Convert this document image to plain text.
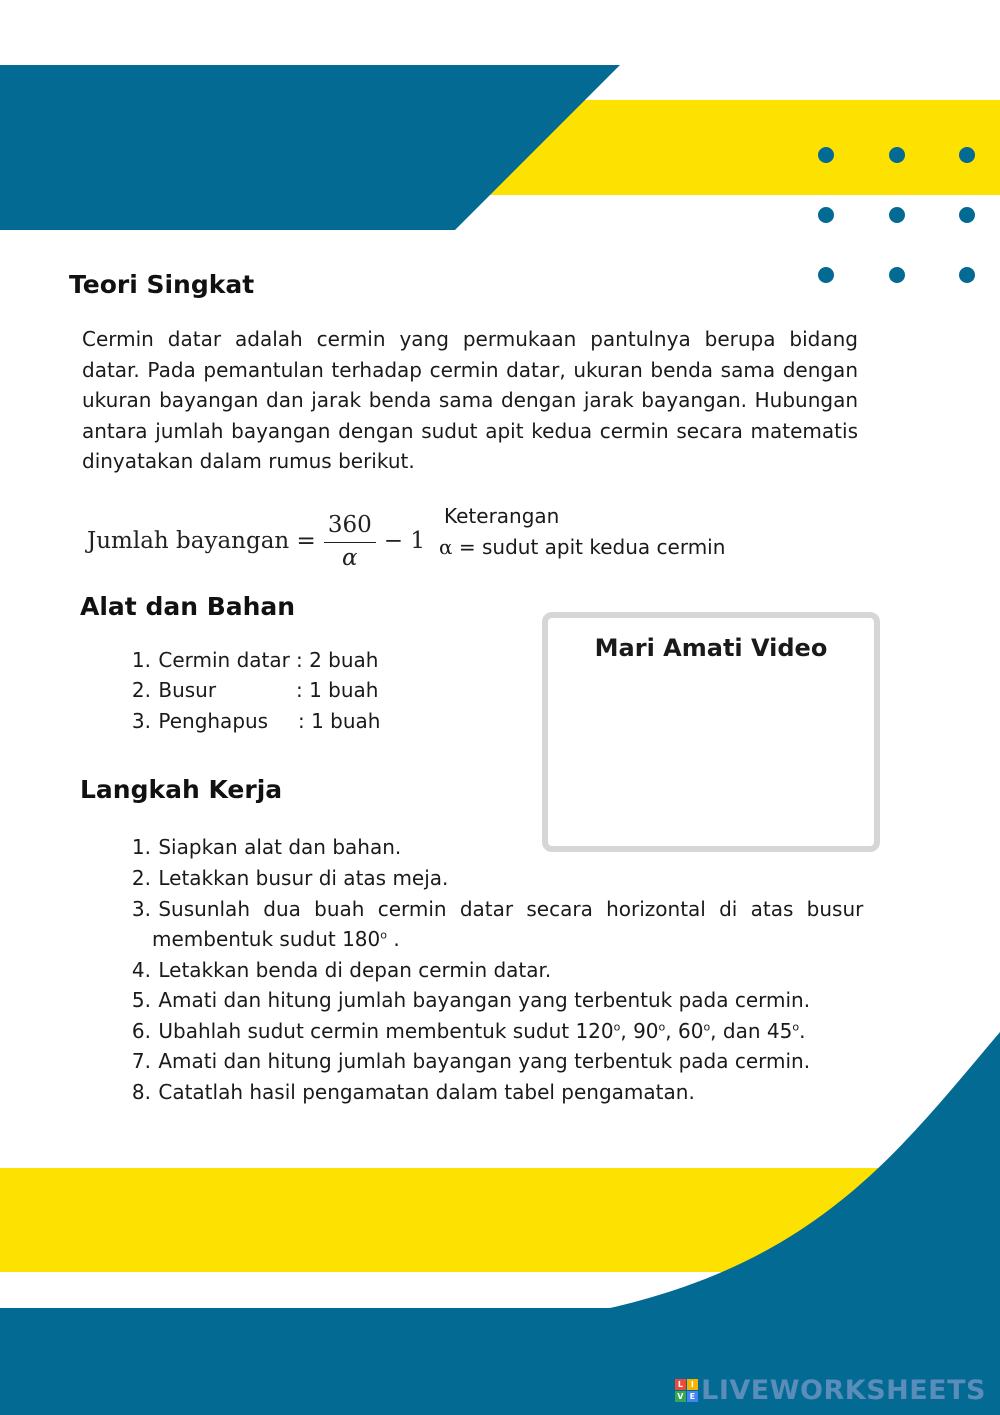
Teori Singkat
Cermin datar adalah cermin yang permukaan pantulnya berupa bidang datar. Pada pemantulan terhadap cermin datar, ukuran benda sama dengan ukuran bayangan dan jarak benda sama dengan jarak bayangan. Hubungan antara jumlah bayangan dengan sudut apit kedua cermin secara matematis dinyatakan dalam rumus berikut.
Jumlah bayangan = $\frac{360}{\alpha} - 1$
Keterangan
α = sudut apit kedua cermin
Alat dan Bahan
1. Cermin datar : 2 buah
2. Busur	: 1 buah
3. Penghapus : 1 buah
Mari Amati Video
Langkah Kerja
1. Siapkan alat dan bahan.
2. Letakkan busur di atas meja.
3. Susunlah dua buah cermin datar secara horizontal di atas busur
membentuk sudut 180$^o$ .
4. Letakkan benda di depan cermin datar.
5. Amati dan hitung jumlah bayangan yang terbentuk pada cermin.
6. Ubahlah sudut cermin membentuk sudut 120$^o$, 90$^o$, 60$^o$, dan 45$^o$.
7. Amati dan hitung jumlah bayangan yang terbentuk pada cermin.
8. Catatlah hasil pengamatan dalam tabel pengamatan.
L I
V E LIVEWORKSHEETS
